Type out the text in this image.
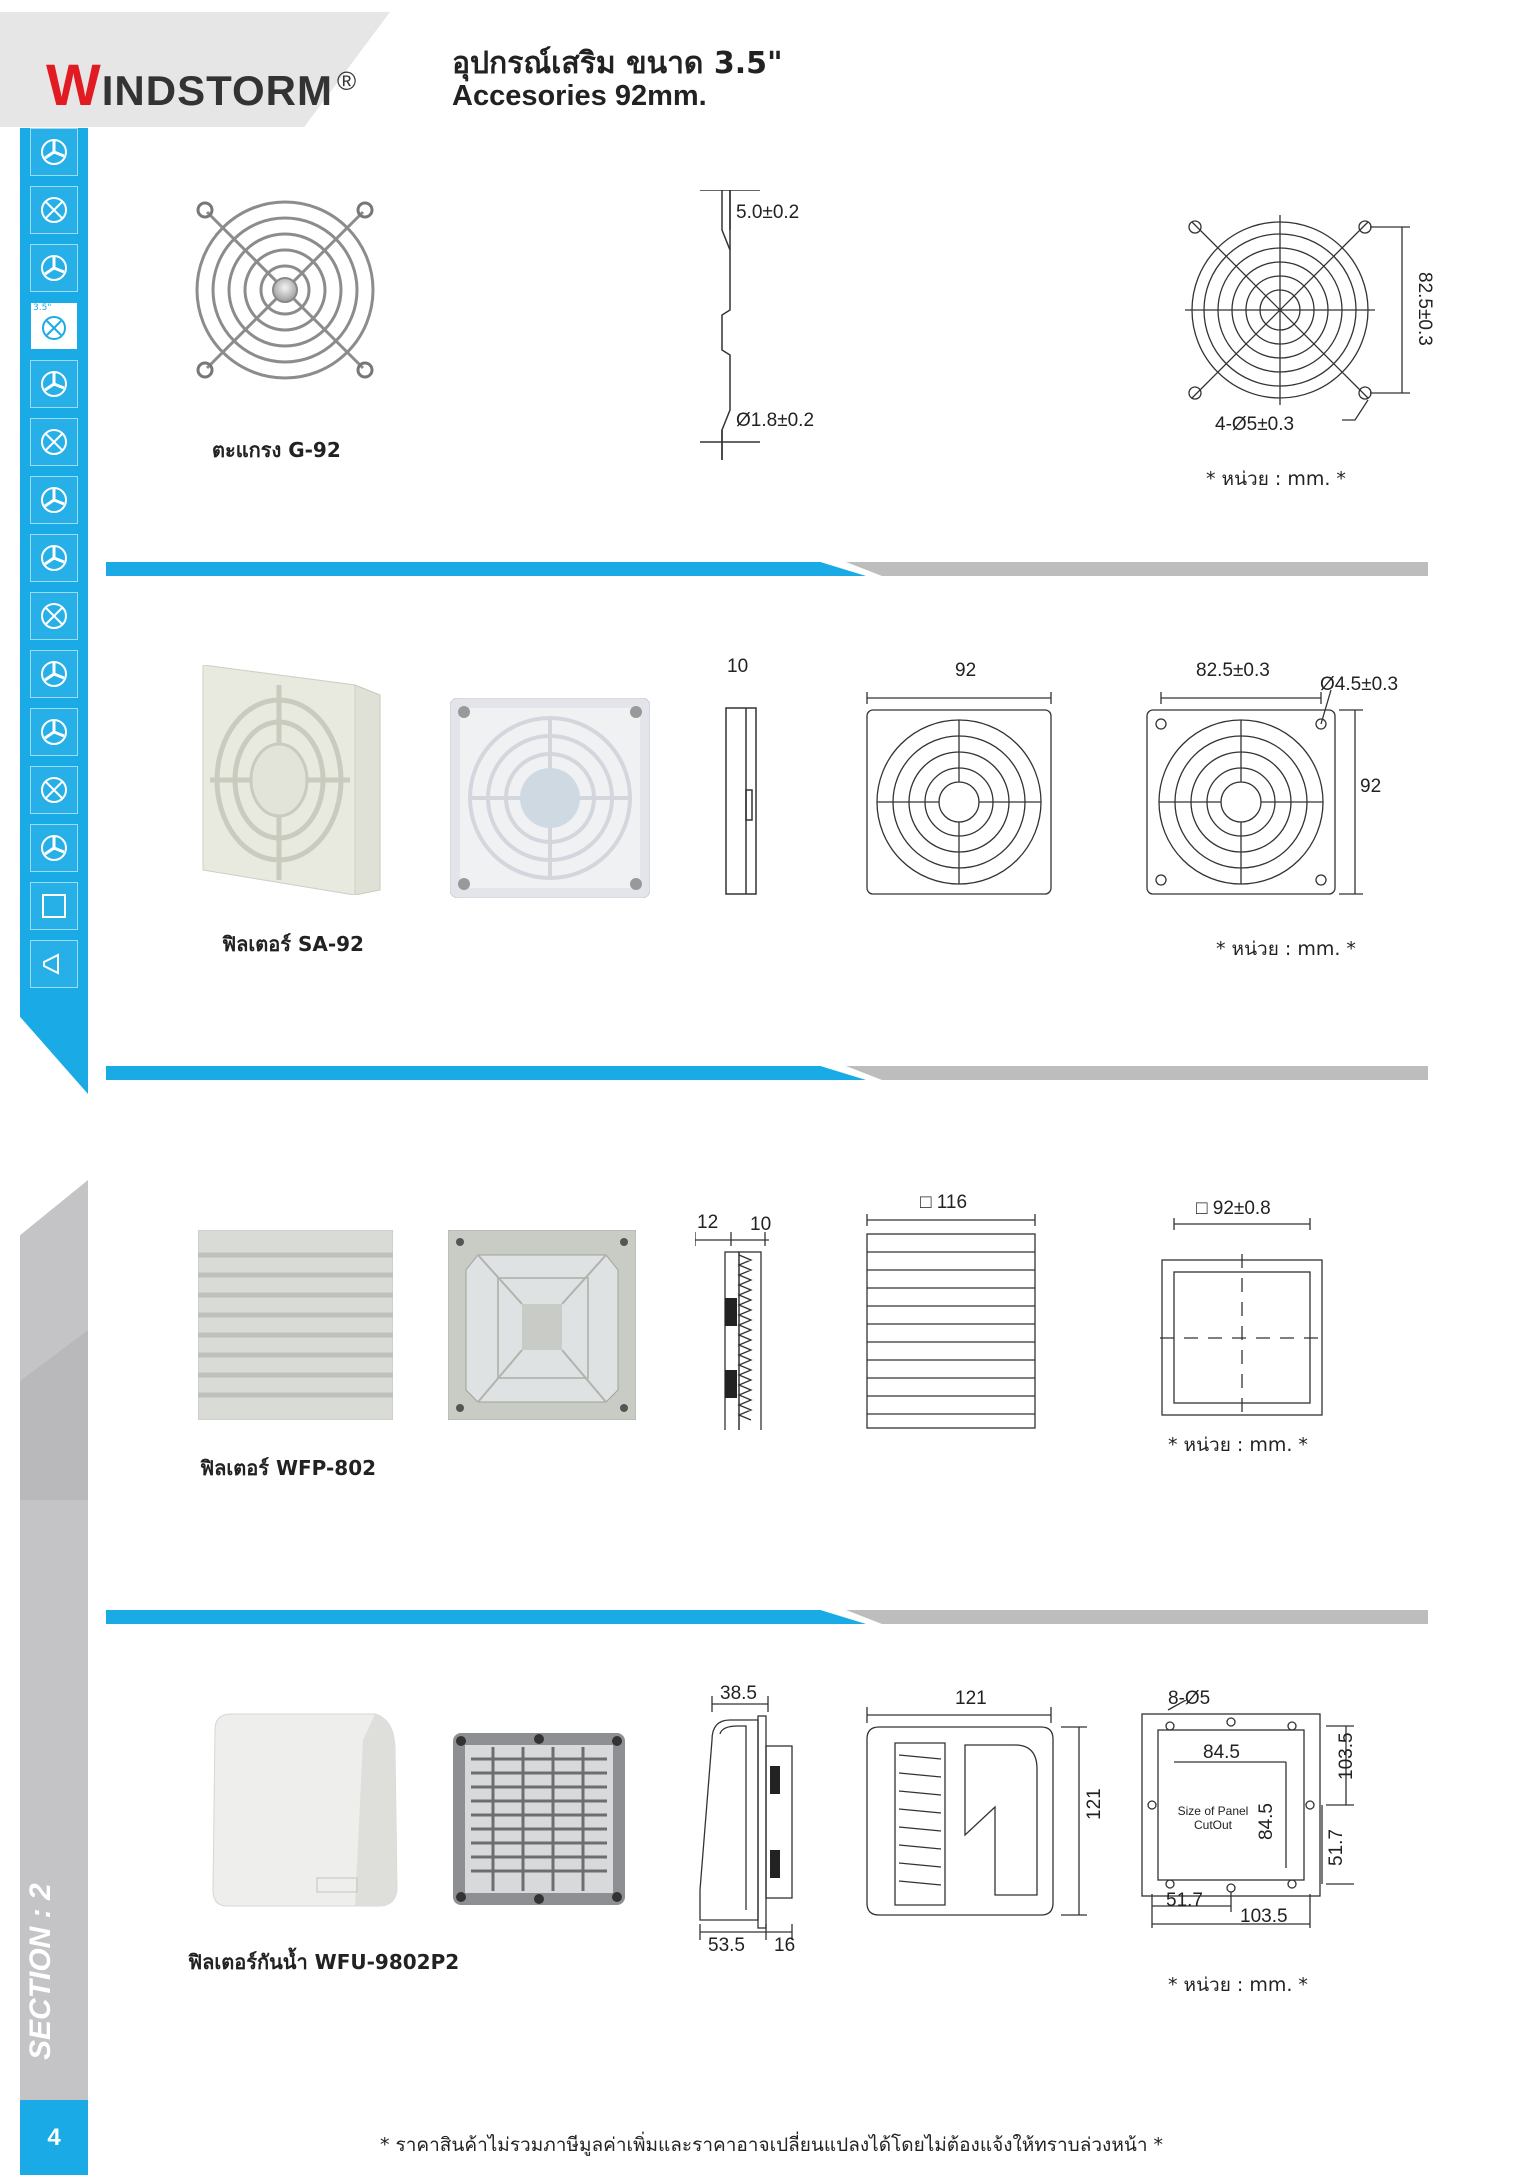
WINDSTORM ®	อุปกรณ์เสริม ขนาด 3.5"
Accesories 92mm.
3.5"
SECTION : 2
4
ตะแกรง G-92
5.0±0.2
Ø1.8±0.2
82.5±0.3
4-Ø5±0.3
* หน่วย : mm. *
10	92	82.5±0.3
Ø4.5±0.3
92
ฟิลเตอร์ SA-92	* หน่วย : mm. *
12 10
□ 116	□ 92±0.8
ฟิลเตอร์ WFP-802
* หน่วย : mm. *
38.5
53.5 16
121
121
8-Ø5
84.5
84.5
103.5
51.7
51.7
103.5
Size of Panel
CutOut
ฟิลเตอร์กันน้ำ WFU-9802P2
* หน่วย : mm. *
* ราคาสินค้าไม่รวมภาษีมูลค่าเพิ่มและราคาอาจเปลี่ยนแปลงได้โดยไม่ต้องแจ้งให้ทราบล่วงหน้า *
